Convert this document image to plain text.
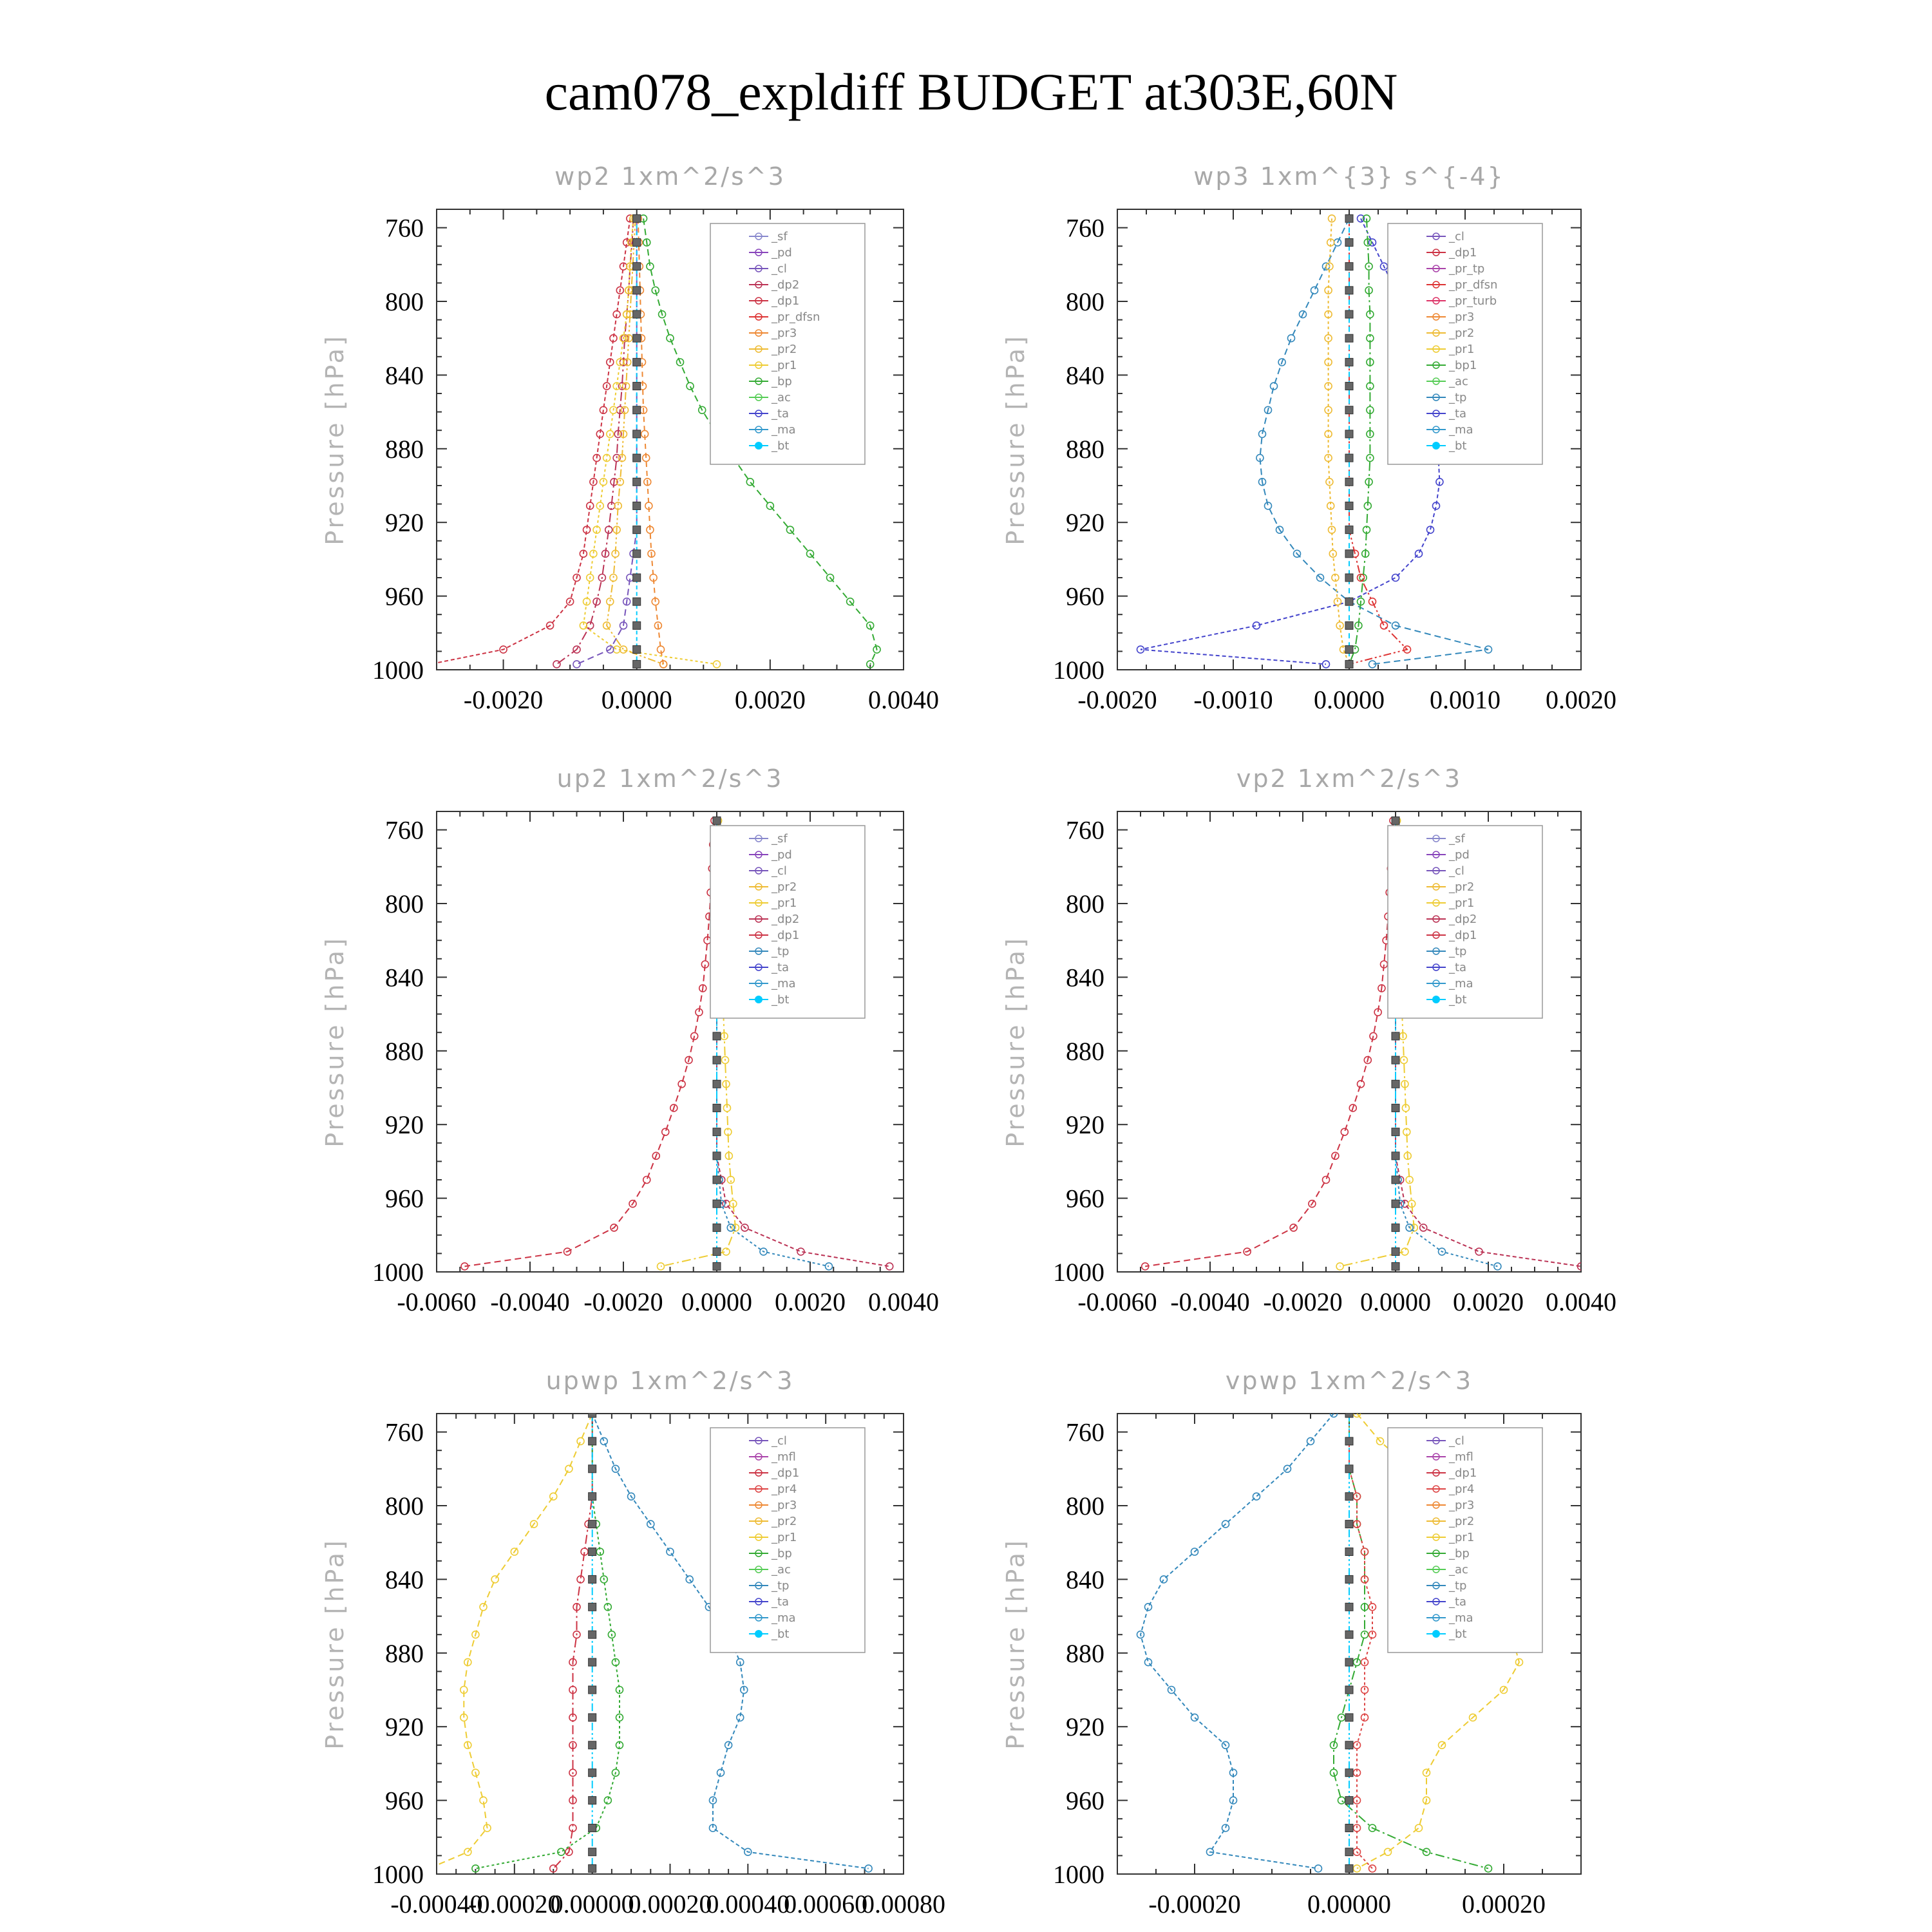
cam078_expldiff BUDGET at303E,60N
wp2 1xm^2/s^3
Pressure [hPa]
760
800
840
880
920
960
1000
-0.0020 0.0000 0.0020 0.0040
_sf
_pd
_cl
_dp2
_dp1
_pr_dfsn
_pr3
_pr2
_pr1
_bp
_ac
_ta
_ma
_bt
wp3 1xm^{3} s^{-4}
Pressure [hPa]
760
800
840
880
920
960
1000
-0.0020 -0.0010 0.0000 0.0010 0.0020
_cl
_dp1
_pr_tp
_pr_dfsn
_pr_turb
_pr3
_pr2
_pr1
_bp1
_ac
_tp
_ta
_ma
_bt
up2 1xm^2/s^3
Pressure [hPa]
760
800
840
880
920
960
1000
-0.0060 -0.0040 -0.0020 0.0000 0.0020 0.0040
_sf
_pd
_cl
_pr2
_pr1
_dp2
_dp1
_tp
_ta
_ma
_bt
vp2 1xm^2/s^3
Pressure [hPa]
760
800
840
880
920
960
1000
-0.0060 -0.0040 -0.0020 0.0000 0.0020 0.0040
_sf
_pd
_cl
_pr2
_pr1
_dp2
_dp1
_tp
_ta
_ma
_bt
upwp 1xm^2/s^3
Pressure [hPa]
760
800
840
880
920
960
1000
-0.00040
-0.00020
0.00000
0.00020
0.00040
0.00060
0.00080
_cl
_mfl
_dp1
_pr4
_pr3
_pr2
_pr1
_bp
_ac
_tp
_ta
_ma
_bt
vpwp 1xm^2/s^3
Pressure [hPa]
760
800
840
880
920
960
1000
-0.00020	0.00000	0.00020
_cl
_mfl
_dp1
_pr4
_pr3
_pr2
_pr1
_bp
_ac
_tp
_ta
_ma
_bt
